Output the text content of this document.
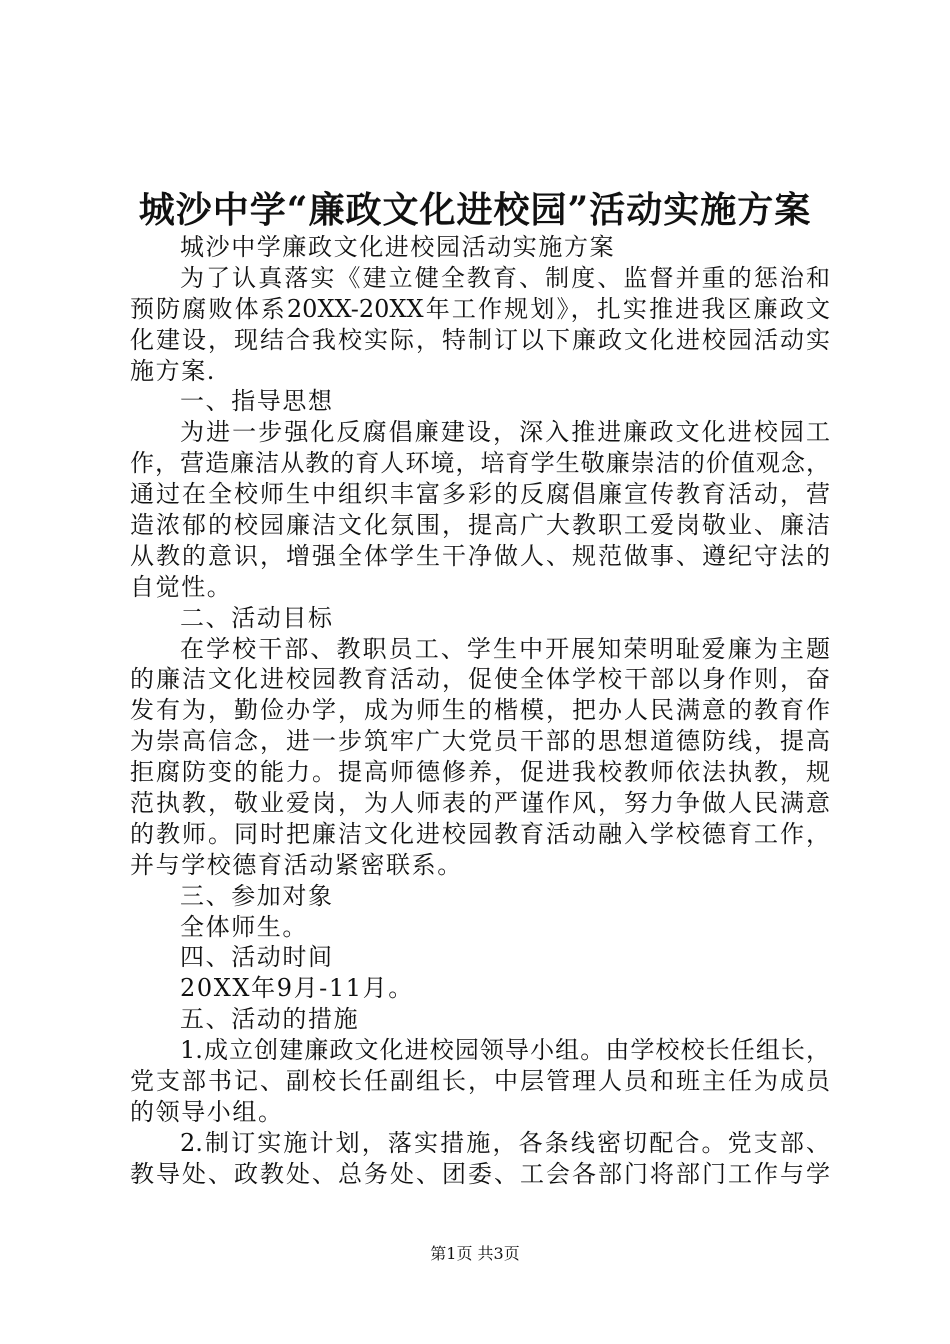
城沙中学“廉政文化进校园”活动实施方案
城沙中学廉政文化进校园活动实施方案
为了认真落实《建立健全教育、制度、监督并重的惩治和
预防腐败体系20XX-20XX年工作规划》，扎实推进我区廉政文
化建设，现结合我校实际，特制订以下廉政文化进校园活动实
施方案.
一、指导思想
为进一步强化反腐倡廉建设，深入推进廉政文化进校园工
作，营造廉洁从教的育人环境，培育学生敬廉崇洁的价值观念，
通过在全校师生中组织丰富多彩的反腐倡廉宣传教育活动，营
造浓郁的校园廉洁文化氛围，提高广大教职工爱岗敬业、廉洁
从教的意识，增强全体学生干净做人、规范做事、遵纪守法的
自觉性。
二、活动目标
在学校干部、教职员工、学生中开展知荣明耻爱廉为主题
的廉洁文化进校园教育活动，促使全体学校干部以身作则，奋
发有为，勤俭办学，成为师生的楷模，把办人民满意的教育作
为崇高信念，进一步筑牢广大党员干部的思想道德防线，提高
拒腐防变的能力。提高师德修养，促进我校教师依法执教，规
范执教，敬业爱岗，为人师表的严谨作风，努力争做人民满意
的教师。同时把廉洁文化进校园教育活动融入学校德育工作，
并与学校德育活动紧密联系。
三、参加对象
全体师生。
四、活动时间
20XX年9月-11月。
五、活动的措施
1.成立创建廉政文化进校园领导小组。由学校校长任组长，
党支部书记、副校长任副组长，中层管理人员和班主任为成员
的领导小组。
2.制订实施计划，落实措施，各条线密切配合。党支部、
教导处、政教处、总务处、团委、工会各部门将部门工作与学
第1页 共3页
